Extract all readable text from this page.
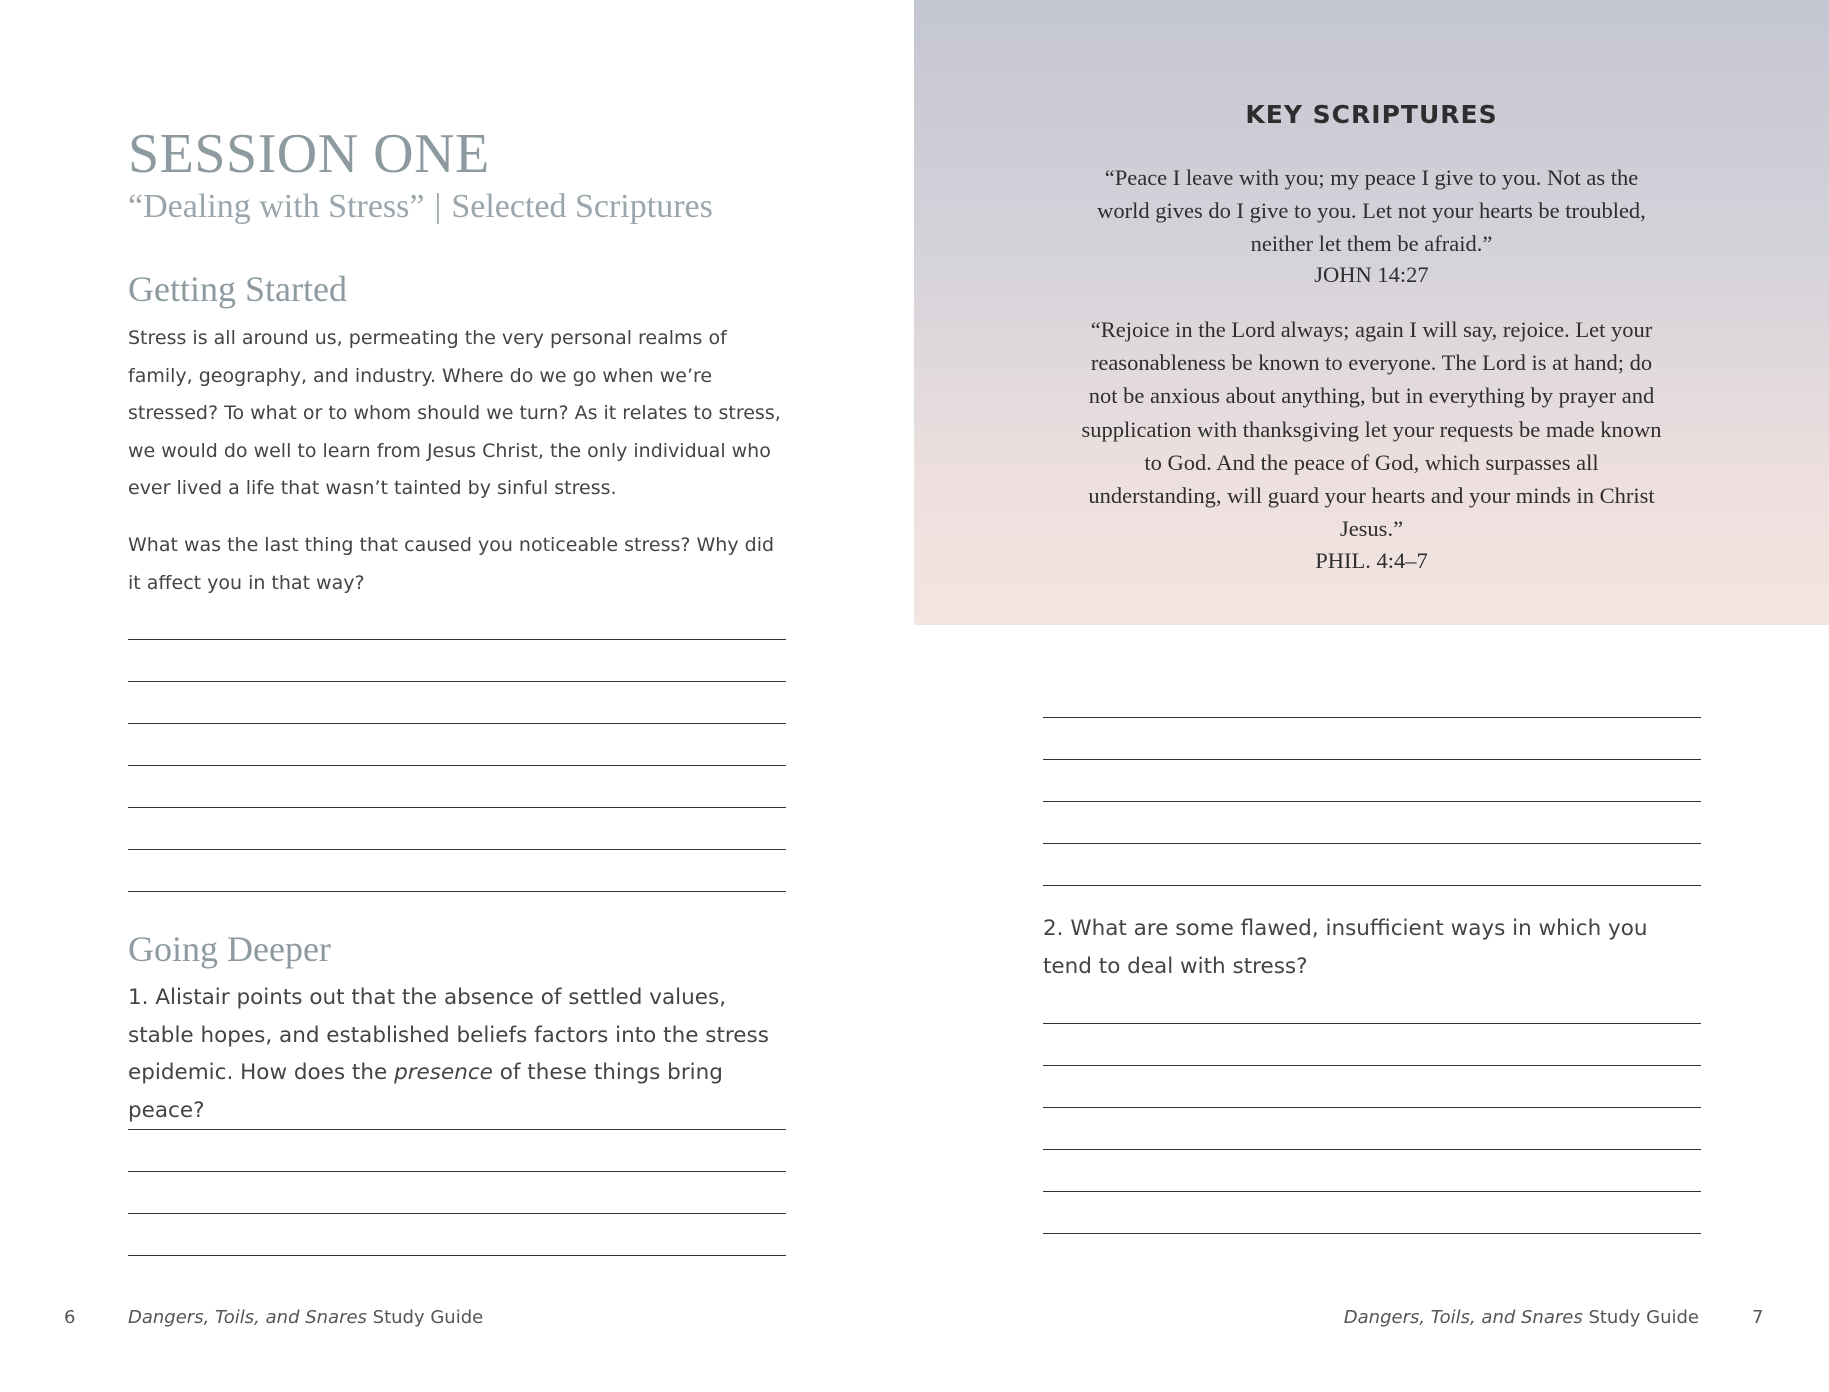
SESSION ONE

“Dealing with Stress” | Selected Scriptures

Getting Started

Stress is all around us, permeating the very personal realms of family, geography, and industry. Where do we go when we’re stressed? To what or to whom should we turn? As it relates to stress, we would do well to learn from Jesus Christ, the only individual who ever lived a life that wasn’t tainted by sinful stress.

What was the last thing that caused you noticeable stress? Why did it affect you in that way?

Going Deeper

1. Alistair points out that the absence of settled values, stable hopes, and established beliefs factors into the stress epidemic. How does the presence of these things bring peace?

6	Dangers, Toils, and Snares Study Guide
KEY SCRIPTURES

“Peace I leave with you; my peace I give to you. Not as the world gives do I give to you. Let not your hearts be troubled, neither let them be afraid.”

JOHN 14:27

“Rejoice in the Lord always; again I will say, rejoice. Let your reasonableness be known to everyone. The Lord is at hand; do not be anxious about anything, but in everything by prayer and supplication with thanksgiving let your requests be made known to God. And the peace of God, which surpasses all understanding, will guard your hearts and your minds in Christ Jesus.”

PHIL. 4:4–7

2. What are some flawed, insufficient ways in which you tend to deal with stress?

Dangers, Toils, and Snares Study Guide	7
